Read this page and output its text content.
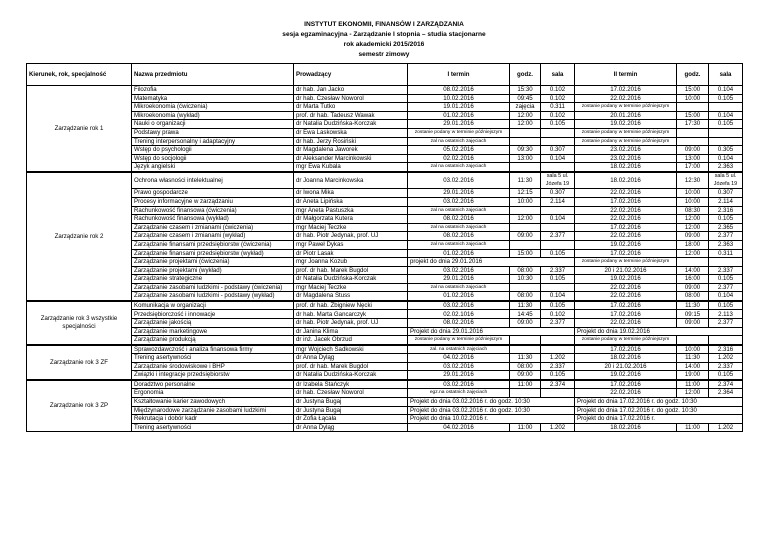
INSTYTUT EKONOMII, FINANSÓW I ZARZĄDZANIA
sesja egzaminacyjna - Zarządzanie I stopnia – studia stacjonarne
rok akademicki 2015/2016
semestr zimowy
Kierunek, rok, specjalność	Nazwa przedmiotu	Prowadzący	I termin	godz.	sala	II termin	godz.	sala
Zarządzanie rok 1	Filozofia	dr hab. Jan Jacko	08.02.2016	15:30	0.102	17.02.2016	15:00	0.104
	Matematyka	dr hab. Czesław Noworol	10.02.2016	09:45	0.102	22.02.2016	10:00	0.105
	Mikroekonomia (ćwiczenia)	dr Marta Tutko	19.01.2016	zajęcia	0.311	zostanie podany w terminie późniejszym		
	Mikroekonomia (wykład)	prof. dr hab. Tadeusz Wawak	01.02.2016	12:00	0.102	20.01.2016	15:00	0.104
	Nauki o organizacji	dr Natalia Dudzińska-Korczak	29.01.2016	12:00	0.105	19.02.2016	17:30	0.105
	Podstawy prawa	dr Ewa Laskowska	zostanie podany w terminie późniejszym			zostanie podany w terminie późniejszym		
	Trening interpersonalny i adaptacyjny	dr hab. Jerzy Rosiński	zal na ostatnich zajęciach			zostanie podany w terminie późniejszym		
	Wstęp do psychologii	dr Magdalena Jaworek	05.02.2016	09:30	0.307	23.02.2016	09:00	0.305
	Wstęp do socjologii	dr Aleksander Marcinkowski	02.02.2016	13:00	0.104	23.02.2016	13:00	0.104
	Język angielski	mgr Ewa Kubala	zal na ostatnich zajęciach			18.02.2016	17:00	2.363
Zarządzanie rok 2	Ochrona własności intelektualnej	dr Joanna Marcinkowska	03.02.2016	11:30	sala 5 ul. Józefa 19	18.02.2016	12:30	sala 5 ul. Józefa 19
	Prawo gospodarcze	dr Iwona Mika	29.01.2016	12:15	0.307	22.02.2016	10:00	0.307
	Procesy informacyjne w zarządzaniu	dr Aneta Lipińska	03.02.2016	10:00	2.114	17.02.2016	10:00	2.114
	Rachunkowość finansowa (ćwiczenia)	mgr Aneta Pastuszka	zal na ostatnich zajęciach			22.02.2016	08:30	2.316
	Rachunkowość finansowa (wykład)	dr Małgorzata Kutera	08.02.2016	12:00	0.104	22.02.2016	12:00	0.105
	Zarządzanie czasem i zmianami (ćwiczenia)	mgr Maciej Teczke	zal na ostatnich zajęciach			17.02.2016	12:00	2.365
	Zarządzanie czasem i zmianami (wykład)	dr hab. Piotr Jedynak, prof. UJ	08.02.2016	09:00	2.377	22.02.2016	09:00	2.377
	Zarządzanie finansami przedsiębiorstw (ćwiczenia)	mgr Paweł Dykas	zal na ostatnich zajęciach			19.02.2016	18:00	2.363
	Zarządzanie finansami przedsiębiorstw (wykład)	dr Piotr Lasak	01.02.2016	15:00	0.105	17.02.2016	12:00	0.311
	Zarządzanie projektami (ćwiczenia)	mgr Joanna Kozub	projekt do dnia 29.01.2016			zostanie podany w terminie późniejszym		
	Zarządzanie projektami (wykład)	prof. dr hab. Marek Bugdol	03.02.2016	08:00	2.337	20 i 21.02.2016	14:00	2.337
	Zarządzanie strategiczne	dr Natalia Dudzińska-Korczak	29.01.2016	10:30	0.105	19.02.2016	16:00	0.105
	Zarządzanie zasobami ludzkimi - podstawy (ćwiczenia)	mgr Maciej Teczke	zal na ostatnich zajęciach			22.02.2016	09:00	2.377
	Zarządzanie zasobami ludzkimi - podstawy (wykład)	dr Magdalena Stuss	01.02.2016	08:00	0.104	22.02.2016	08:00	0.104
Zarządzanie rok 3 wszystkie specjalności	Komunikacja w organizacji	prof. dr hab. Zbigniew Nęcki	03.02.2016	11:30	0.105	17.02.2016	11:30	0.105
	Przedsiębiorczość i innowacje	dr hab. Marta Gancarczyk	02.02.1016	14:45	0.102	17.02.2016	09:15	2.113
	Zarządzanie jakością	dr hab. Piotr Jedynak, prof. UJ	08.02.2016	09:00	2.377	22.02.2016	09:00	2.377
	Zarządzanie marketingowe	dr Janina Klima	Projekt do dnia 29.01.2016			Projekt do dnia 19.02.2016		
	Zarządzanie produkcją	dr inż. Jacek Obrzud	zostanie podany w terminie późniejszym			zostanie podany w terminie późniejszym		
Zarządzanie rok 3 ZF	Sprawozdawczość i analiza finansowa firmy	mgr Wojciech Sadkowski	zal. na ostatnich zajęciach			17.02.2016	10:00	2.316
	Trening asertywności	dr Anna Dyląg	04.02.2016	11:30	1.202	18.02.2016	11:30	1.202
	Zarządzanie środowiskowe i BHP	prof. dr hab. Marek Bugdol	03.02.2016	08:00	2.337	20 i 21.02.2016	14:00	2.337
	Związki i integracje przedsiębiorstw	dr Natalia Dudzińska-Korczak	29.01.2016	09:00	0.105	19.02.2016	19:00	0.105
Zarządzanie rok 3 ZP	Doradztwo personalne	dr Izabela Stańczyk	03.02.2016	11:00	2.374	17.02.2016	11:00	2.374
	Ergonomia	dr hab. Czesław Noworol	egz.na ostatnich zajęciach			22.02.2016	12:00	2.364
	Kształtowanie karier zawodowych	dr Justyna Bugaj	Projekt do dnia 03.02.2016 r. do godz. 10:30			Projekt do dnia 17.02.2016 r. do godz. 10:30		
	Międzynarodowe zarządzanie zasobami ludzkimi	dr Justyna Bugaj	Projekt do dnia 03.02.2016 r. do godz. 10:30			Projekt do dnia 17.02.2016 r. do godz. 10:30		
	Rekrutacja i dobór kadr	dr Zofia Łącała	Projekt do dnia 10.02.2016 r.			Projekt do dnia 17.02.2016 r.		
	Trening asertywności	dr Anna Dyląg	04.02.2016	11:00	1.202	18.02.2016	11:00	1.202
